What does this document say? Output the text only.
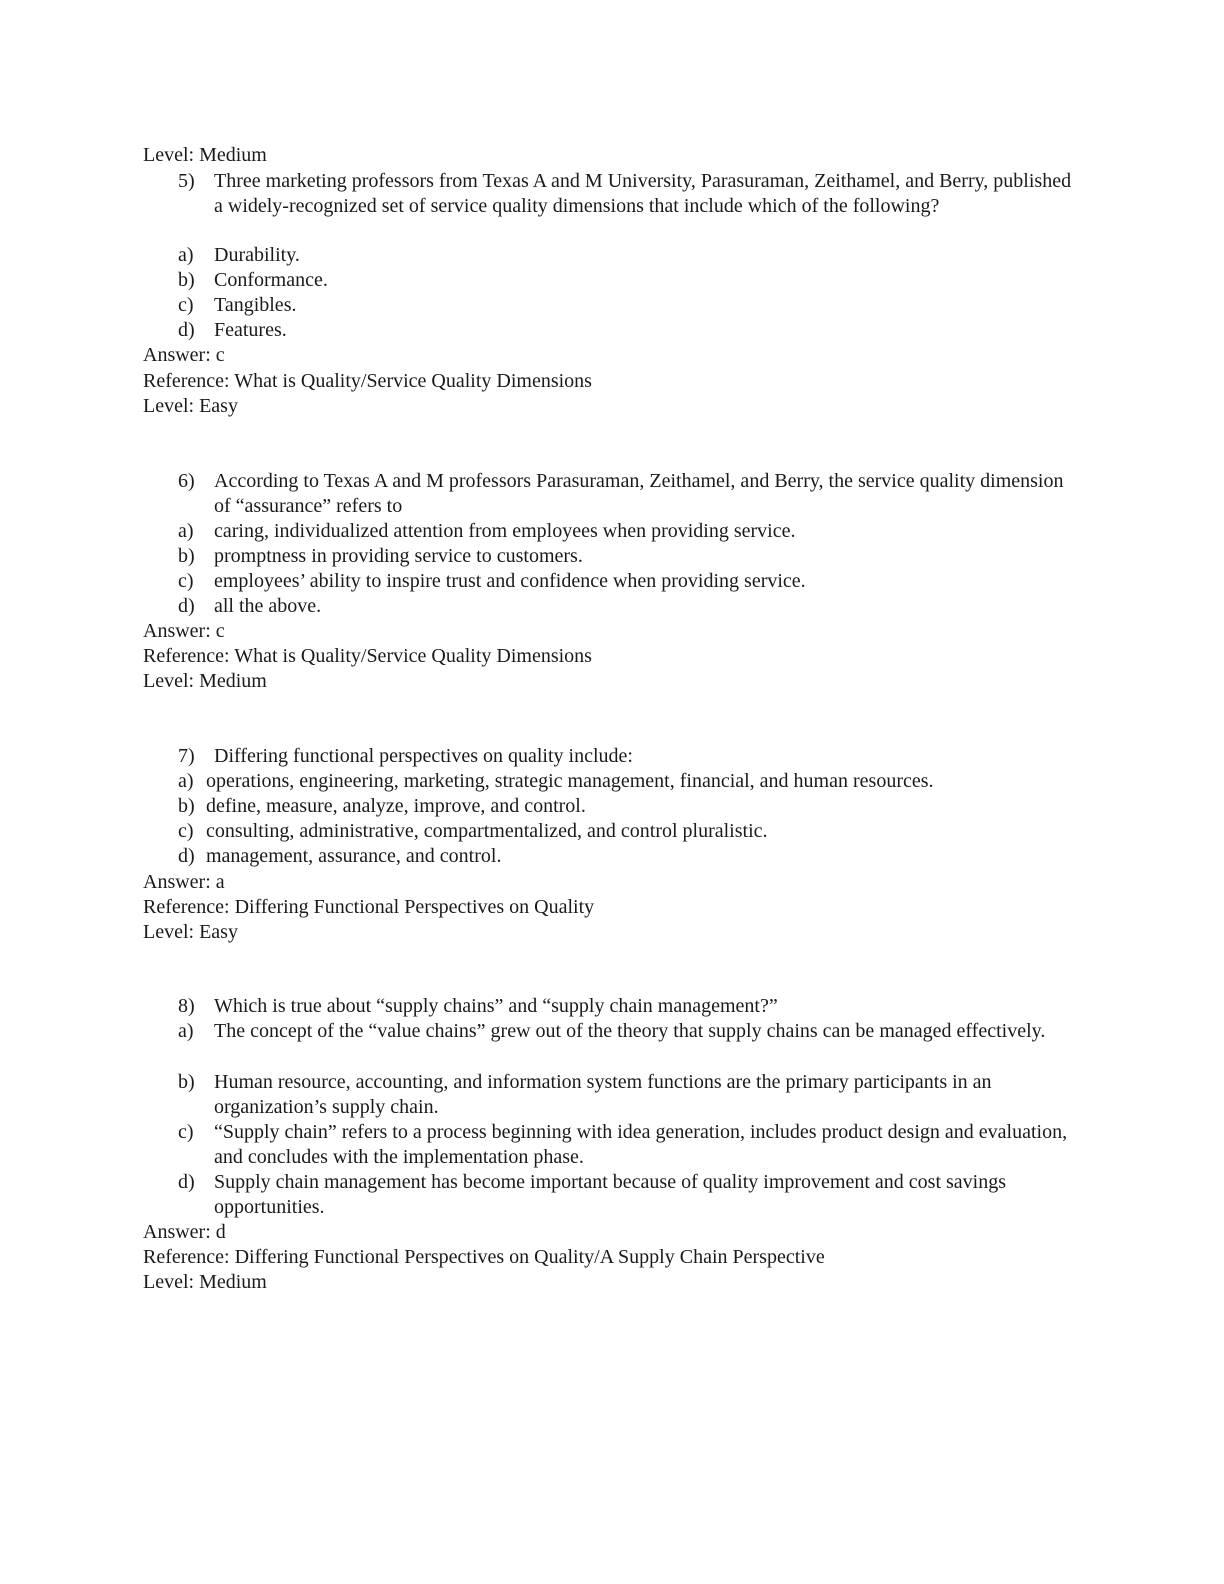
Level: Medium
5) Three marketing professors from Texas A and M University, Parasuraman, Zeithamel, and Berry, published a widely-recognized set of service quality dimensions that include which of the following?
a) Durability.
b) Conformance.
c) Tangibles.
d) Features.
Answer: c
Reference: What is Quality/Service Quality Dimensions
Level: Easy
6) According to Texas A and M professors Parasuraman, Zeithamel, and Berry, the service quality dimension of “assurance” refers to
a) caring, individualized attention from employees when providing service.
b) promptness in providing service to customers.
c) employees’ ability to inspire trust and confidence when providing service.
d) all the above.
Answer: c
Reference: What is Quality/Service Quality Dimensions
Level: Medium
7) Differing functional perspectives on quality include:
a) operations, engineering, marketing, strategic management, financial, and human resources.
b) define, measure, analyze, improve, and control.
c) consulting, administrative, compartmentalized, and control pluralistic.
d) management, assurance, and control.
Answer: a
Reference: Differing Functional Perspectives on Quality
Level: Easy
8) Which is true about “supply chains” and “supply chain management?”
a) The concept of the “value chains” grew out of the theory that supply chains can be managed effectively.
b) Human resource, accounting, and information system functions are the primary participants in an organization’s supply chain.
c) “Supply chain” refers to a process beginning with idea generation, includes product design and evaluation, and concludes with the implementation phase.
d) Supply chain management has become important because of quality improvement and cost savings opportunities.
Answer: d
Reference: Differing Functional Perspectives on Quality/A Supply Chain Perspective
Level: Medium
